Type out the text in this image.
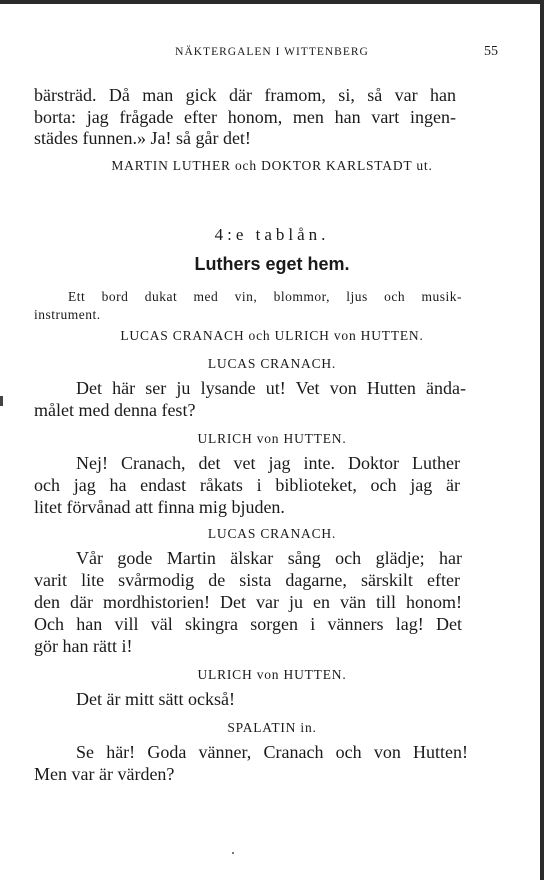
NÄKTERGALEN I WITTENBERG	55
bärsträd. Då man gick där framom, si, så var han
borta: jag frågade efter honom, men han vart ingen-
städes funnen.» Ja! så går det!
MARTIN LUTHER och DOKTOR KARLSTADT ut.
4:e tablån.
Luthers eget hem.
Ett bord dukat med vin, blommor, ljus och musik-
instrument.
LUCAS CRANACH och ULRICH von HUTTEN.
LUCAS CRANACH.
Det här ser ju lysande ut! Vet von Hutten ända-
målet med denna fest?
ULRICH von HUTTEN.
Nej! Cranach, det vet jag inte. Doktor Luther
och jag ha endast råkats i biblioteket, och jag är
litet förvånad att finna mig bjuden.
LUCAS CRANACH.
Vår gode Martin älskar sång och glädje; har
varit lite svårmodig de sista dagarne, särskilt efter
den där mordhistorien! Det var ju en vän till honom!
Och han vill väl skingra sorgen i vänners lag! Det
gör han rätt i!
ULRICH von HUTTEN.
Det är mitt sätt också!
SPALATIN in.
Se här! Goda vänner, Cranach och von Hutten!
Men var är värden?
